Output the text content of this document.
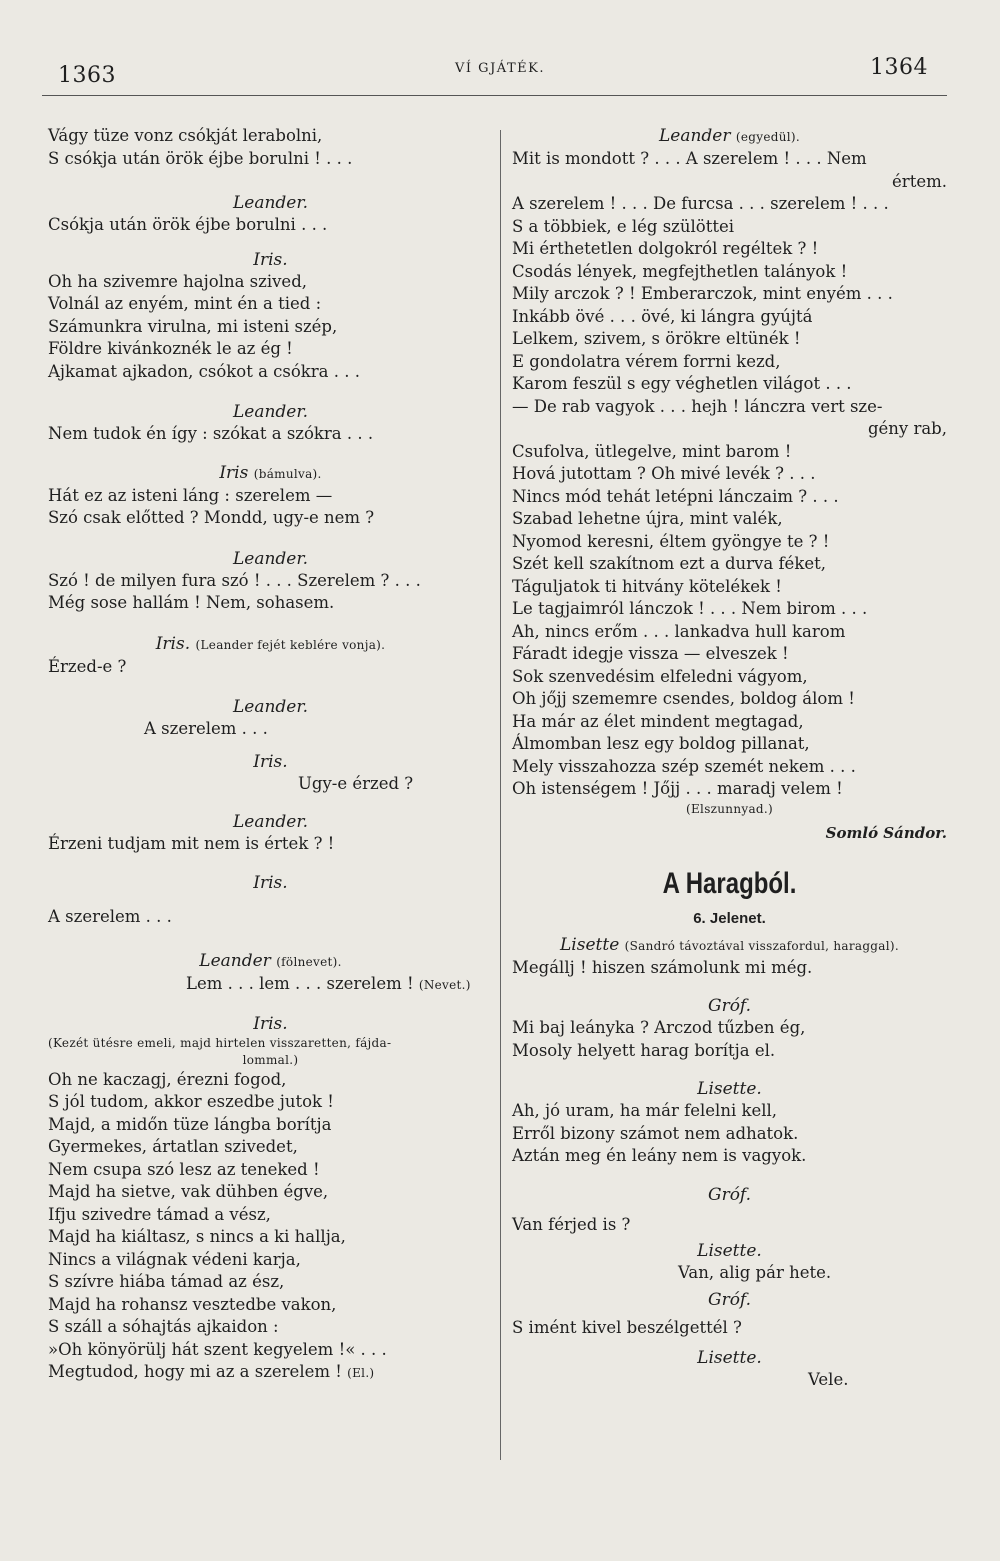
1363	VÍ GJÁTÉK.	1364
Vágy tüze vonz csókját lerabolni,
S csókja után örök éjbe borulni ! . . .
Leander.
Csókja után örök éjbe borulni . . .
Iris.
Oh ha szivemre hajolna szived,
Volnál az enyém, mint én a tied :
Számunkra virulna, mi isteni szép,
Földre kivánkoznék le az ég !
Ajkamat ajkadon, csókot a csókra . . .
Leander.
Nem tudok én így : szókat a szókra . . .
Iris (bámulva).
Hát ez az isteni láng : szerelem —
Szó csak előtted ? Mondd, ugy-e nem ?
Leander.
Szó ! de milyen fura szó ! . . . Szerelem ? . . .
Még sose hallám ! Nem, sohasem.
Iris. (Leander fejét keblére vonja).
Érzed-e ?
Leander.
A szerelem . . .
Iris.
Ugy-e érzed ?
Leander.
Érzeni tudjam mit nem is értek ? !
Iris.
A szerelem . . .
Leander (fölnevet).
Lem . . . lem . . . szerelem ! (Nevet.)
Iris.
(Kezét ütésre emeli, majd hirtelen visszaretten, fájda-
lommal.)
Oh ne kaczagj, érezni fogod,
S jól tudom, akkor eszedbe jutok !
Majd, a midőn tüze lángba borítja
Gyermekes, ártatlan szivedet,
Nem csupa szó lesz az teneked !
Majd ha sietve, vak dühben égve,
Ifju szivedre támad a vész,
Majd ha kiáltasz, s nincs a ki hallja,
Nincs a világnak védeni karja,
S szívre hiába támad az ész,
Majd ha rohansz vesztedbe vakon,
S száll a sóhajtás ajkaidon :
»Oh könyörülj hát szent kegyelem !« . . .
Megtudod, hogy mi az a szerelem ! (El.)
Leander (egyedül).
Mit is mondott ? . . . A szerelem ! . . . Nem
értem.
A szerelem ! . . . De furcsa . . . szerelem ! . . .
S a többiek, e lég szülöttei
Mi érthetetlen dolgokról regéltek ? !
Csodás lények, megfejthetlen talányok !
Mily arczok ? ! Emberarczok, mint enyém . . .
Inkább övé . . . övé, ki lángra gyújtá
Lelkem, szivem, s örökre eltünék !
E gondolatra vérem forrni kezd,
Karom feszül s egy véghetlen világot . . .
— De rab vagyok . . . hejh ! lánczra vert sze-
gény rab,
Csufolva, ütlegelve, mint barom !
Hová jutottam ? Oh mivé levék ? . . .
Nincs mód tehát letépni lánczaim ? . . .
Szabad lehetne újra, mint valék,
Nyomod keresni, éltem gyöngye te ? !
Szét kell szakítnom ezt a durva féket,
Táguljatok ti hitvány kötelékek !
Le tagjaimról lánczok ! . . . Nem birom . . .
Ah, nincs erőm . . . lankadva hull karom
Fáradt idegje vissza — elveszek !
Sok szenvedésim elfeledni vágyom,
Oh jőjj szememre csendes, boldog álom !
Ha már az élet mindent megtagad,
Álmomban lesz egy boldog pillanat,
Mely visszahozza szép szemét nekem . . .
Oh istenségem ! Jőjj . . . maradj velem !
(Elszunnyad.)
Somló Sándor.
A Haragból.
6. Jelenet.
Lisette (Sandró távoztával visszafordul, haraggal).
Megállj ! hiszen számolunk mi még.
Gróf.
Mi baj leányka ? Arczod tűzben ég,
Mosoly helyett harag borítja el.
Lisette.
Ah, jó uram, ha már felelni kell,
Erről bizony számot nem adhatok.
Aztán meg én leány nem is vagyok.
Gróf.
Van férjed is ?
Lisette.
Van, alig pár hete.
Gróf.
S imént kivel beszélgettél ?
Lisette.
Vele.
